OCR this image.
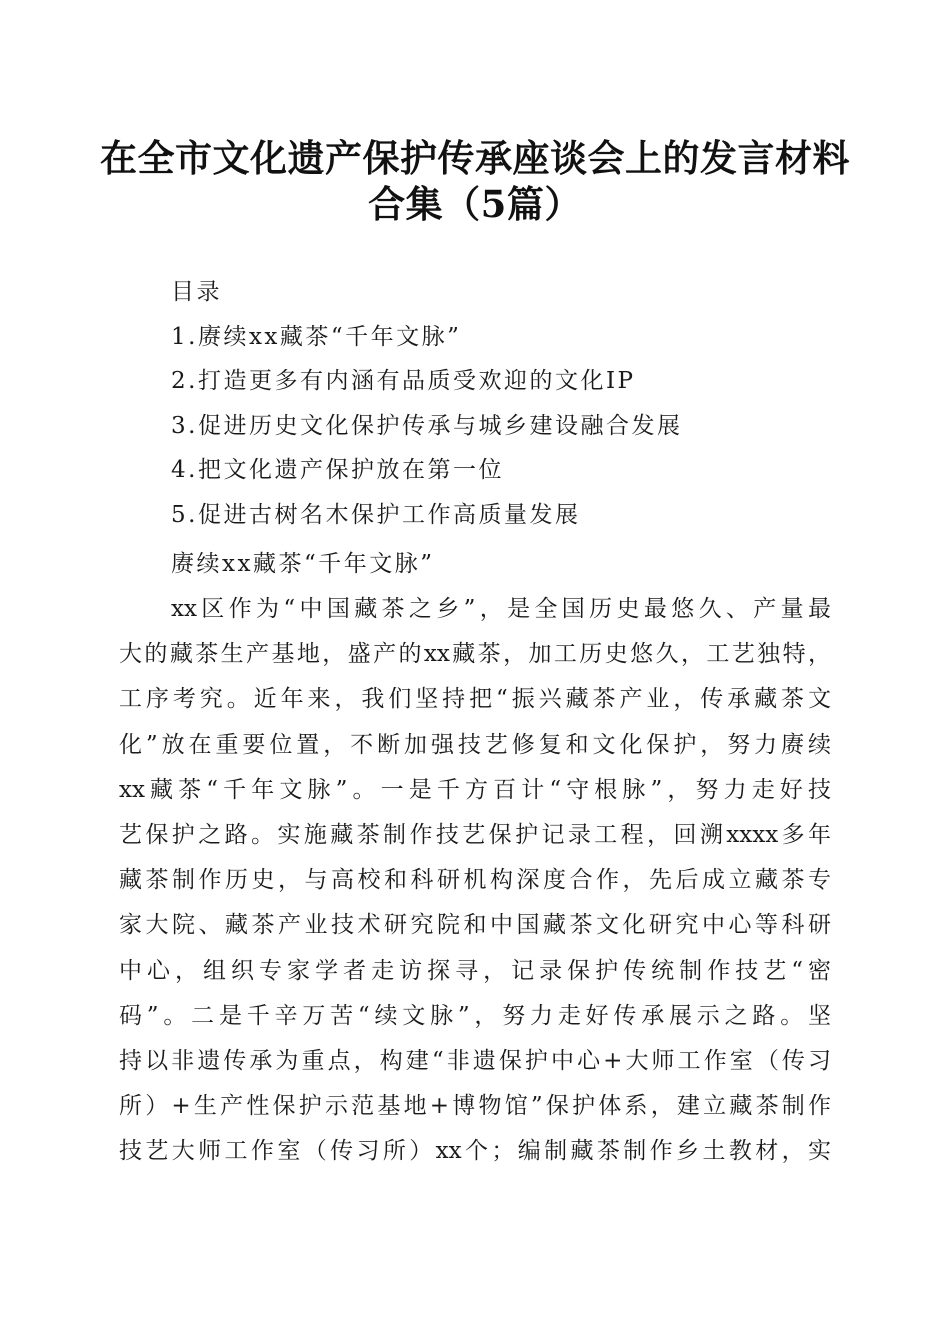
在全市文化遗产保护传承座谈会上的发言材料
合集（5篇）
目录
1.赓续xx藏茶“千年文脉”
2.打造更多有内涵有品质受欢迎的文化IP
3.促进历史文化保护传承与城乡建设融合发展
4.把文化遗产保护放在第一位
5.促进古树名木保护工作高质量发展
赓续xx藏茶“千年文脉”
xx区作为“中国藏茶之乡”，是全国历史最悠久、产量最
大的藏茶生产基地，盛产的xx藏茶，加工历史悠久，工艺独特，
工序考究。近年来，我们坚持把“振兴藏茶产业，传承藏茶文
化”放在重要位置，不断加强技艺修复和文化保护，努力赓续
xx藏茶“千年文脉”。一是千方百计“守根脉”，努力走好技
艺保护之路。实施藏茶制作技艺保护记录工程，回溯xxxx多年
藏茶制作历史，与高校和科研机构深度合作，先后成立藏茶专
家大院、藏茶产业技术研究院和中国藏茶文化研究中心等科研
中心，组织专家学者走访探寻，记录保护传统制作技艺“密
码”。二是千辛万苦“续文脉”，努力走好传承展示之路。坚
持以非遗传承为重点，构建“非遗保护中心+大师工作室（传习
所）+生产性保护示范基地+博物馆”保护体系，建立藏茶制作
技艺大师工作室（传习所）xx个；编制藏茶制作乡土教材，实
